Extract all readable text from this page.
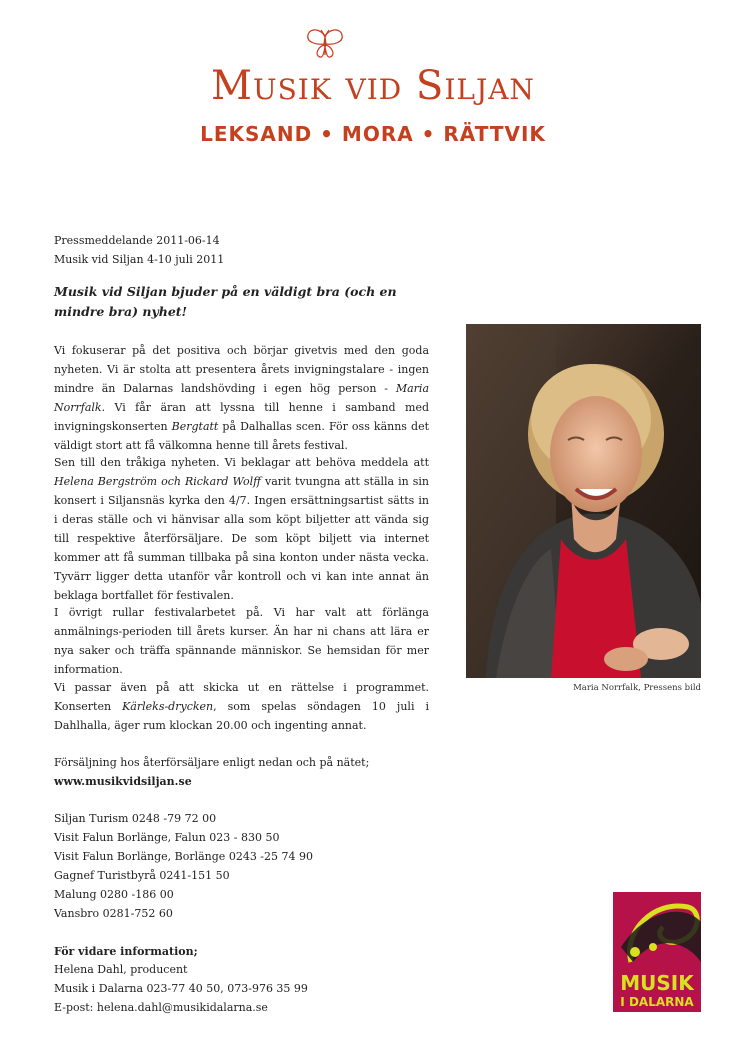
Musik vid Siljan
LEKSAND • MORA • RÄTTVIK
Pressmeddelande 2011-06-14
Musik vid Siljan 4-10 juli 2011
Musik vid Siljan bjuder på en väldigt bra (och en mindre bra) nyhet!

Vi fokuserar på det positiva och börjar givetvis med den goda nyheten. Vi är stolta att presentera årets invigningstalare - ingen mindre än Dalarnas landshövding i egen hög person - Maria Norrfalk. Vi får äran att lyssna till henne i samband med invigningskonserten Bergtatt på Dalhallas scen. För oss känns det väldigt stort att få välkomna henne till årets festival.

Sen till den tråkiga nyheten. Vi beklagar att behöva meddela att Helena Bergström och Rickard Wolff varit tvungna att ställa in sin konsert i Siljansnäs kyrka den 4/7. Ingen ersättningsartist sätts in i deras ställe och vi hänvisar alla som köpt biljetter att vända sig till respektive återförsäljare. De som köpt biljett via internet kommer att få summan tillbaka på sina konton under nästa vecka. Tyvärr ligger detta utanför vår kontroll och vi kan inte annat än beklaga bortfallet för festivalen.

I övrigt rullar festivalarbetet på. Vi har valt att förlänga anmälnings-perioden till årets kurser. Än har ni chans att lära er nya saker och träffa spännande människor. Se hemsidan för mer information.

Vi passar även på att skicka ut en rättelse i programmet. Konserten Kärleks-drycken, som spelas söndagen 10 juli i Dahlhalla, äger rum klockan 20.00 och ingenting annat.

Försäljning hos återförsäljare enligt nedan och på nätet;
www.musikvidsiljan.se
Siljan Turism 0248 -79 72 00
Visit Falun Borlänge, Falun 023 - 830 50
Visit Falun Borlänge, Borlänge 0243 -25 74 90
Gagnef Turistbyrå 0241-151 50
Malung 0280 -186 00
Vansbro 0281-752 60
För vidare information;
Helena Dahl, producent
Musik i Dalarna 023-77 40 50, 073-976 35 99
E-post: helena.dahl@musikidalarna.se
Maria Norrfalk, Pressens bild
MUSIK
I DALARNA
